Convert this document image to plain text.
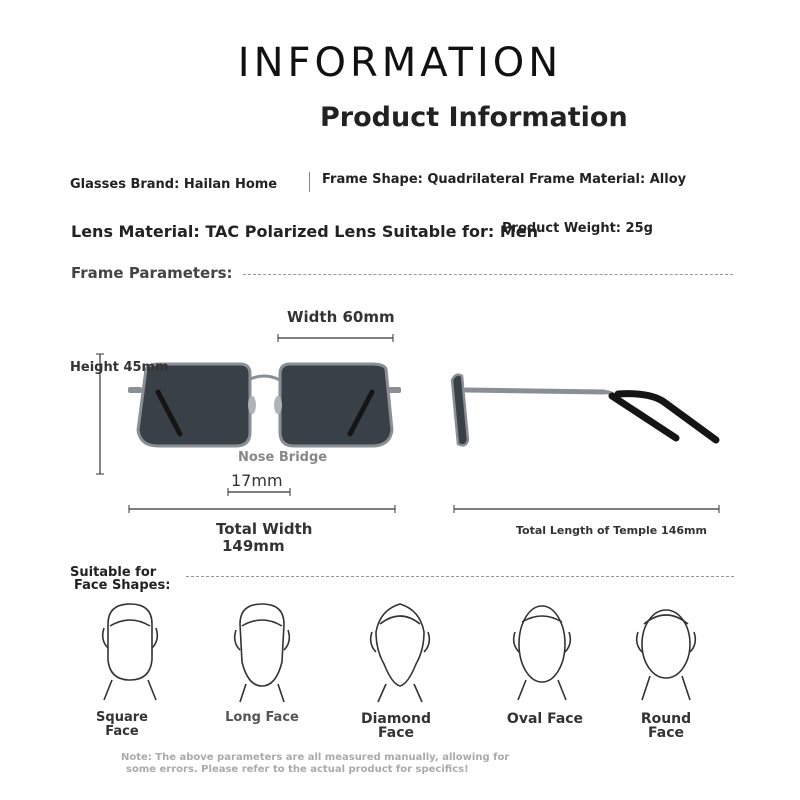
INFORMATION
Product Information
Glasses Brand: Hailan Home	Frame Shape: Quadrilateral Frame Material: Alloy
Lens Material: TAC Polarized Lens Suitable for: Men
Product Weight: 25g
Frame Parameters:
Width 60mm
Height 45mm
Nose Bridge
17mm
Total Width
149mm
Total Length of Temple 146mm
Suitable for
Face Shapes:
Square
Face
Long Face	Diamond
Face
Oval Face	Round
Face
Note: The above parameters are all measured manually, allowing for
some errors. Please refer to the actual product for specifics!
